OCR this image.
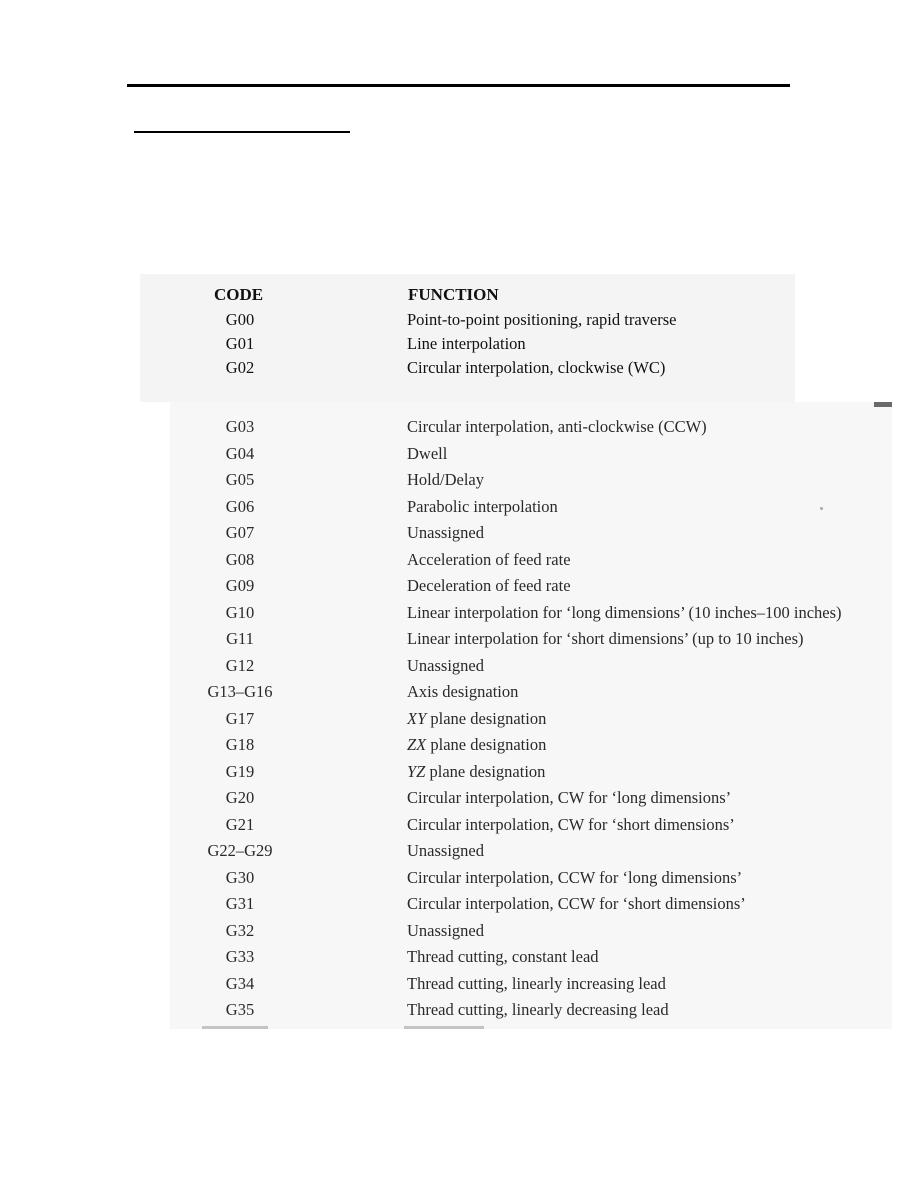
CODE	FUNCTION
G00	Point-to-point positioning, rapid traverse
G01	Line interpolation
G02	Circular interpolation, clockwise (WC)
G03	Circular interpolation, anti-clockwise (CCW)
G04	Dwell
G05	Hold/Delay
G06	Parabolic interpolation
G07	Unassigned
G08	Acceleration of feed rate
G09	Deceleration of feed rate
G10	Linear interpolation for ‘long dimensions’ (10 inches–100 inches)
G11	Linear interpolation for ‘short dimensions’ (up to 10 inches)
G12	Unassigned
G13–G16	Axis designation
G17	XY plane designation
G18	ZX plane designation
G19	YZ plane designation
G20	Circular interpolation, CW for ‘long dimensions’
G21	Circular interpolation, CW for ‘short dimensions’
G22–G29	Unassigned
G30	Circular interpolation, CCW for ‘long dimensions’
G31	Circular interpolation, CCW for ‘short dimensions’
G32	Unassigned
G33	Thread cutting, constant lead
G34	Thread cutting, linearly increasing lead
G35	Thread cutting, linearly decreasing lead
